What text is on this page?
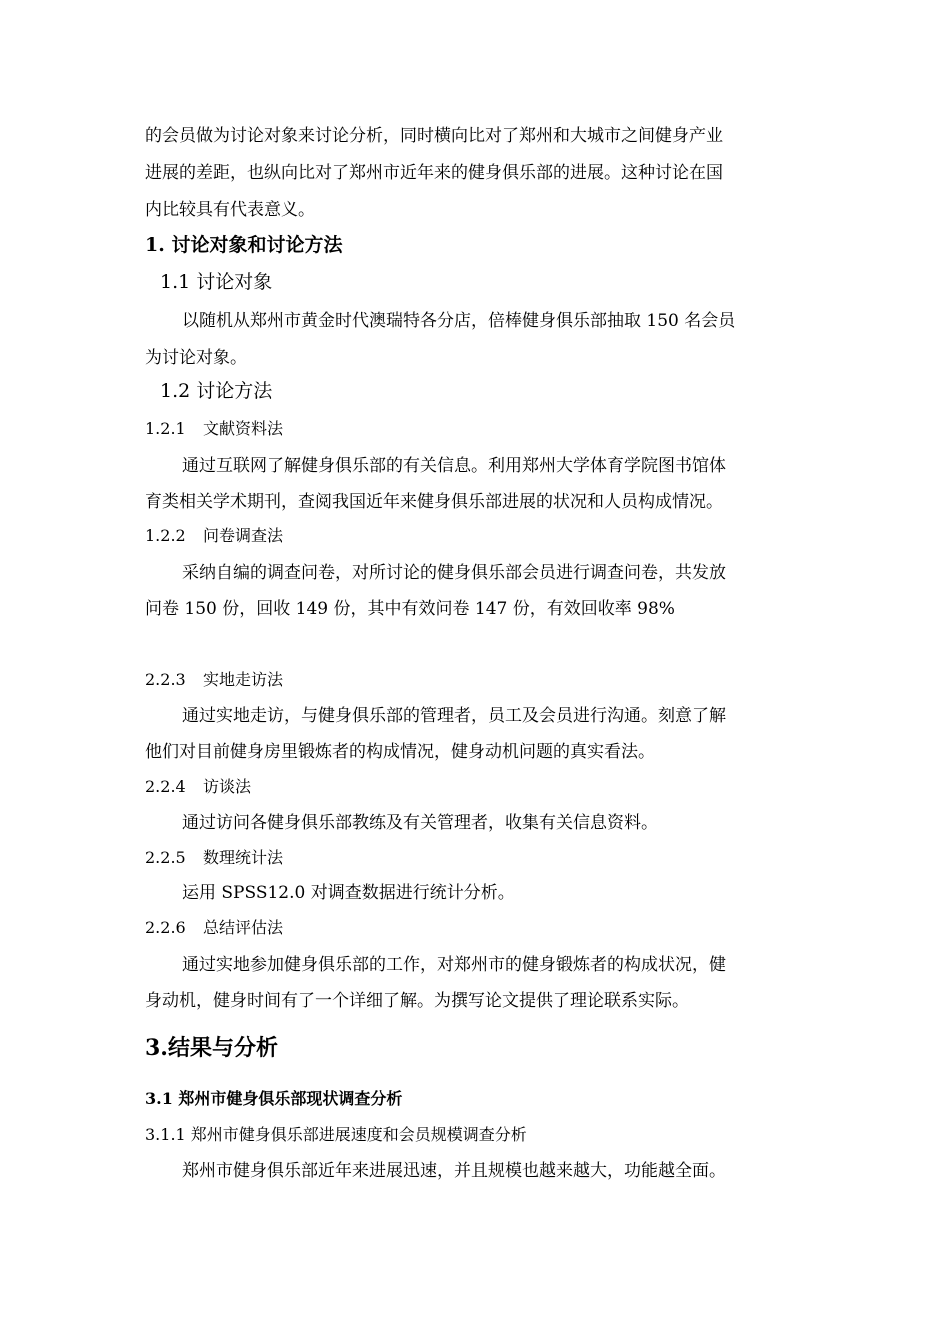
的会员做为讨论对象来讨论分析，同时横向比对了郑州和大城市之间健身产业
进展的差距，也纵向比对了郑州市近年来的健身俱乐部的进展。这种讨论在国
内比较具有代表意义。
1. 讨论对象和讨论方法
1.1 讨论对象
以随机从郑州市黄金时代澳瑞特各分店，倍棒健身俱乐部抽取 150 名会员
为讨论对象。
1.2 讨论方法
1.2.1 文献资料法
通过互联网了解健身俱乐部的有关信息。利用郑州大学体育学院图书馆体
育类相关学术期刊，查阅我国近年来健身俱乐部进展的状况和人员构成情况。
1.2.2 问卷调查法
采纳自编的调查问卷，对所讨论的健身俱乐部会员进行调查问卷，共发放
问卷 150 份，回收 149 份，其中有效问卷 147 份，有效回收率 98%
2.2.3 实地走访法
通过实地走访，与健身俱乐部的管理者，员工及会员进行沟通。刻意了解
他们对目前健身房里锻炼者的构成情况，健身动机问题的真实看法。
2.2.4 访谈法
通过访问各健身俱乐部教练及有关管理者，收集有关信息资料。
2.2.5 数理统计法
运用 SPSS12.0 对调查数据进行统计分析。
2.2.6 总结评估法
通过实地参加健身俱乐部的工作，对郑州市的健身锻炼者的构成状况，健
身动机，健身时间有了一个详细了解。为撰写论文提供了理论联系实际。
3.结果与分析
3.1 郑州市健身俱乐部现状调查分析
3.1.1 郑州市健身俱乐部进展速度和会员规模调查分析
郑州市健身俱乐部近年来进展迅速，并且规模也越来越大，功能越全面。
